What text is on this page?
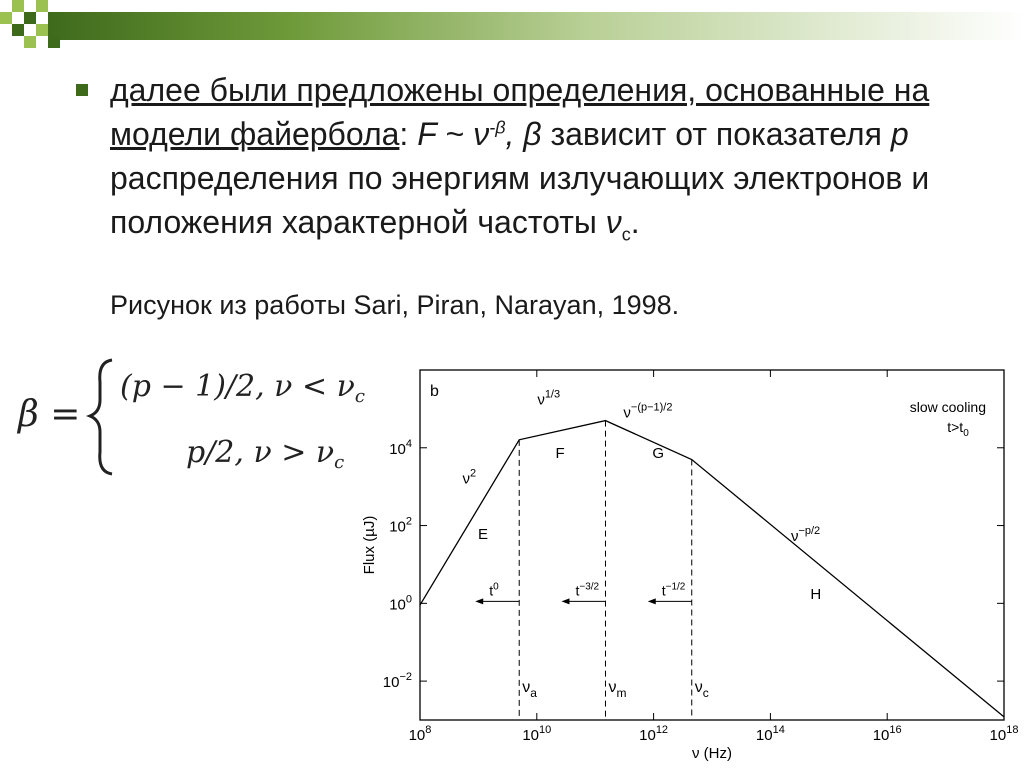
далее были предложены определения, основанные на модели файербола: F ~ $\nu^{-\beta}$, β зависит от показателя p распределения по энергиям излучающих электронов и положения характерной частоты $\nu_c$.

Рисунок из работы Sari, Piran, Narayan, 1998.

β =
(p − 1)/2, $\nu < \nu_c$
p/2, $\nu > \nu_c$
$10^8$	$10^{10}$	$10^{12}$	$10^{14}$	$10^{16}$	$10^{18}$
$10^{-2}$
$10^0$
$10^2$
$10^4$
$\nu_a$
$t^0$
$\nu_m$
$t^{-3/2}$
$\nu_c$
$t^{-1/2}$
E
$\nu^2$
F
$\nu^{1/3}$
G
$\nu^{-(p-1)/2}$
H
$\nu^{-p/2}$
b
slow cooling
$t>t_0$
ν (Hz)
Flux (µJ)
